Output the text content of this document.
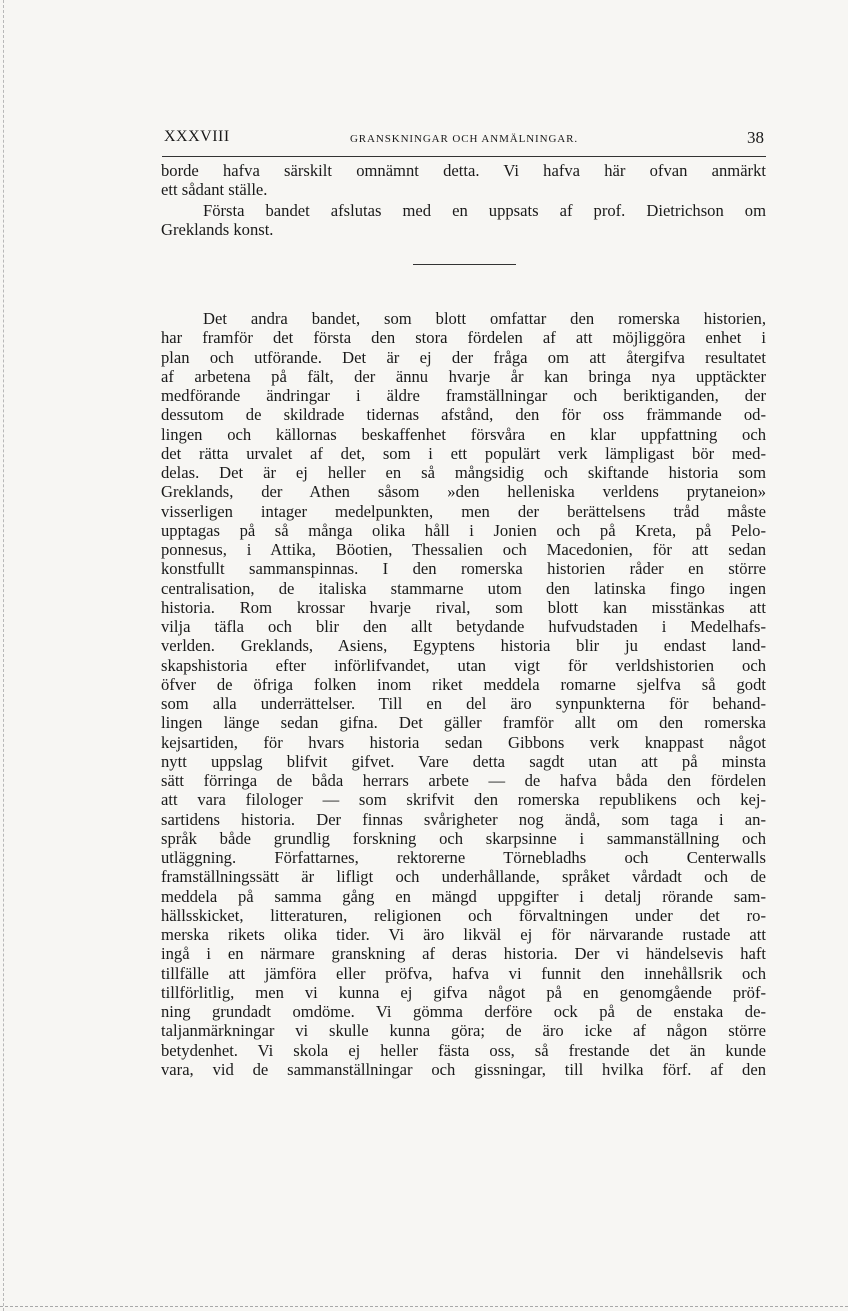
XXXVIII	GRANSKNINGAR OCH ANMÄLNINGAR.	38
borde hafva särskilt omnämnt detta. Vi hafva här ofvan anmärkt
ett sådant ställe.
Första bandet afslutas med en uppsats af prof. Dietrichson om
Greklands konst.
Det andra bandet, som blott omfattar den romerska historien,
har framför det första den stora fördelen af att möjliggöra enhet i
plan och utförande. Det är ej der fråga om att återgifva resultatet
af arbetena på fält, der ännu hvarje år kan bringa nya upptäckter
medförande ändringar i äldre framställningar och beriktiganden, der
dessutom de skildrade tidernas afstånd, den för oss främmande od-
lingen och källornas beskaffenhet försvåra en klar uppfattning och
det rätta urvalet af det, som i ett populärt verk lämpligast bör med-
delas. Det är ej heller en så mångsidig och skiftande historia som
Greklands, der Athen såsom »den helleniska verldens prytaneion»
visserligen intager medelpunkten, men der berättelsens tråd måste
upptagas på så många olika håll i Jonien och på Kreta, på Pelo-
ponnesus, i Attika, Böotien, Thessalien och Macedonien, för att sedan
konstfullt sammanspinnas. I den romerska historien råder en större
centralisation, de italiska stammarne utom den latinska fingo ingen
historia. Rom krossar hvarje rival, som blott kan misstänkas att
vilja täfla och blir den allt betydande hufvudstaden i Medelhafs-
verlden. Greklands, Asiens, Egyptens historia blir ju endast land-
skapshistoria efter införlifvandet, utan vigt för verldshistorien och
öfver de öfriga folken inom riket meddela romarne sjelfva så godt
som alla underrättelser. Till en del äro synpunkterna för behand-
lingen länge sedan gifna. Det gäller framför allt om den romerska
kejsartiden, för hvars historia sedan Gibbons verk knappast något
nytt uppslag blifvit gifvet. Vare detta sagdt utan att på minsta
sätt förringa de båda herrars arbete — de hafva båda den fördelen
att vara filologer — som skrifvit den romerska republikens och kej-
sartidens historia. Der finnas svårigheter nog ändå, som taga i an-
språk både grundlig forskning och skarpsinne i sammanställning och
utläggning. Författarnes, rektorerne Törnebladhs och Centerwalls
framställningssätt är lifligt och underhållande, språket vårdadt och de
meddela på samma gång en mängd uppgifter i detalj rörande sam-
hällsskicket, litteraturen, religionen och förvaltningen under det ro-
merska rikets olika tider. Vi äro likväl ej för närvarande rustade att
ingå i en närmare granskning af deras historia. Der vi händelsevis haft
tillfälle att jämföra eller pröfva, hafva vi funnit den innehållsrik och
tillförlitlig, men vi kunna ej gifva något på en genomgående pröf-
ning grundadt omdöme. Vi gömma derföre ock på de enstaka de-
taljanmärkningar vi skulle kunna göra; de äro icke af någon större
betydenhet. Vi skola ej heller fästa oss, så frestande det än kunde
vara, vid de sammanställningar och gissningar, till hvilka förf. af den
